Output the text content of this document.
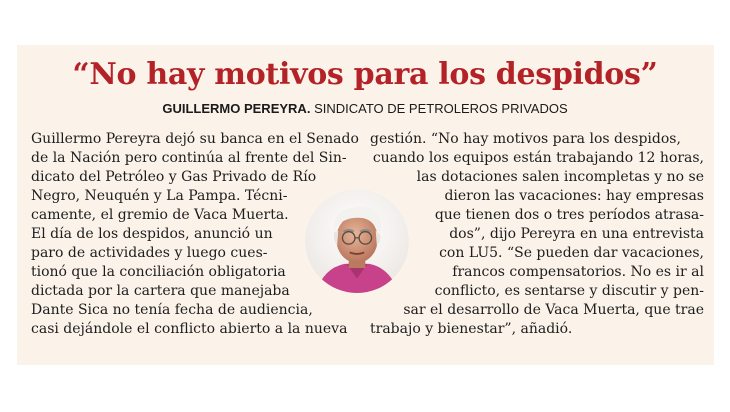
“No hay motivos para los despidos”
GUILLERMO PEREYRA. SINDICATO DE PETROLEROS PRIVADOS
Guillermo Pereyra dejó su banca en el Senado
de la Nación pero continúa al frente del Sin-
dicato del Petróleo y Gas Privado de Río
Negro, Neuquén y La Pampa. Técni-
camente, el gremio de Vaca Muerta.
El día de los despidos, anunció un
paro de actividades y luego cues-
tionó que la conciliación obligatoria
dictada por la cartera que manejaba
Dante Sica no tenía fecha de audiencia,
casi dejándole el conflicto abierto a la nueva
gestión. “No hay motivos para los despidos,
cuando los equipos están trabajando 12 horas,
las dotaciones salen incompletas y no se
dieron las vacaciones: hay empresas
que tienen dos o tres períodos atrasa-
dos”, dijo Pereyra en una entrevista
con LU5. “Se pueden dar vacaciones,
francos compensatorios. No es ir al
conflicto, es sentarse y discutir y pen-
sar el desarrollo de Vaca Muerta, que trae
trabajo y bienestar”, añadió.
